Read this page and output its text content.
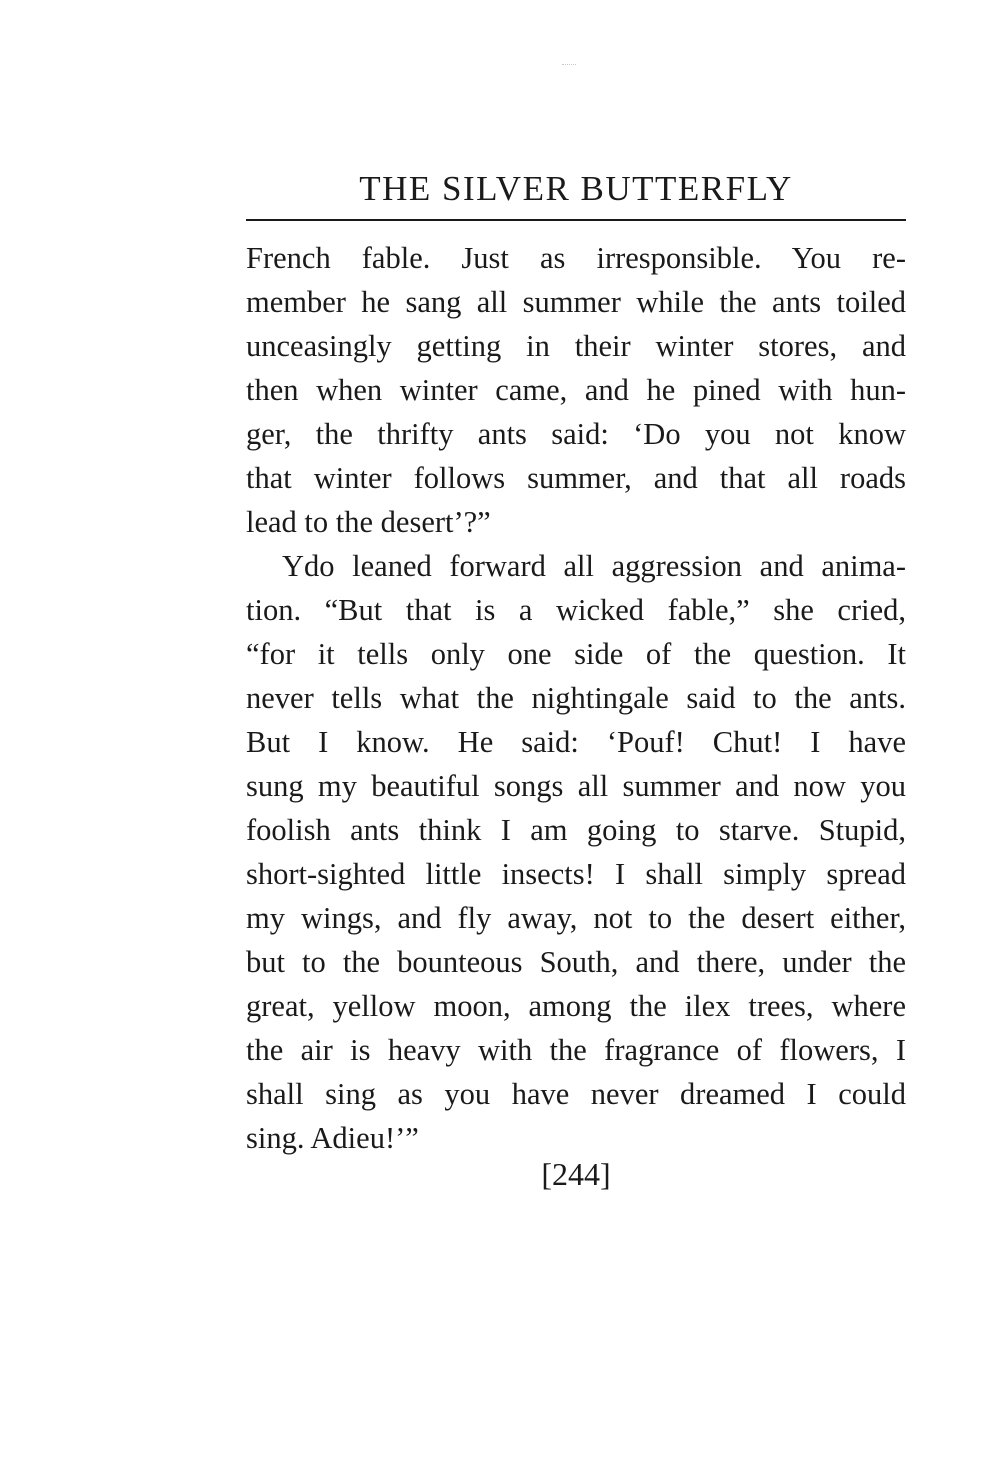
THE SILVER BUTTERFLY
French fable. Just as irresponsible. You re-
member he sang all summer while the ants toiled
unceasingly getting in their winter stores, and
then when winter came, and he pined with hun-
ger, the thrifty ants said: ‘Do you not know
that winter follows summer, and that all roads
lead to the desert’?”
Ydo leaned forward all aggression and anima-
tion. “But that is a wicked fable,” she cried,
“for it tells only one side of the question. It
never tells what the nightingale said to the ants.
But I know. He said: ‘Pouf! Chut! I have
sung my beautiful songs all summer and now you
foolish ants think I am going to starve. Stupid,
short-sighted little insects! I shall simply spread
my wings, and fly away, not to the desert either,
but to the bounteous South, and there, under the
great, yellow moon, among the ilex trees, where
the air is heavy with the fragrance of flowers, I
shall sing as you have never dreamed I could
sing. Adieu!’”
[244]
